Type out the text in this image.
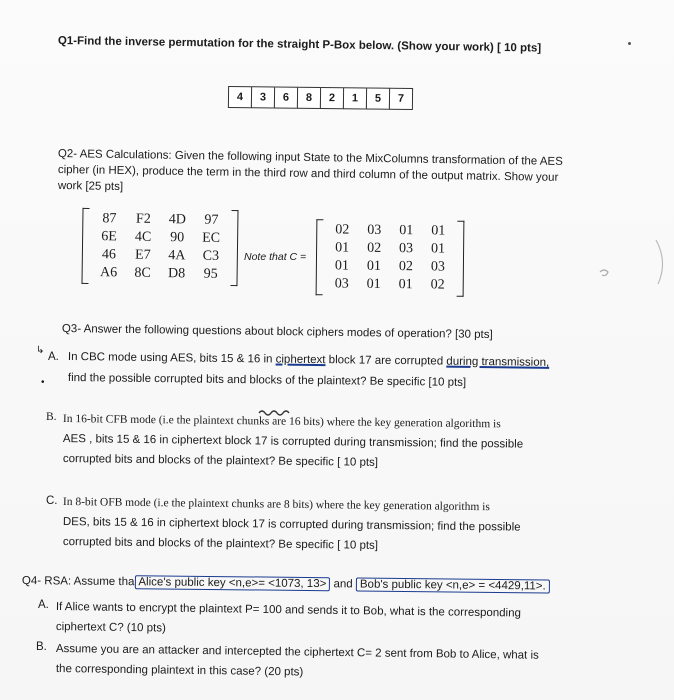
Q1-Find the inverse permutation for the straight P-Box below. (Show your work) [ 10 pts]
4	3	6	8	2	1	5	7
Q2- AES Calculations: Given the following input State to the MixColumns transformation of the AES
cipher (in HEX), produce the term in the third row and third column of the output matrix. Show your
work [25 pts]
87	F2	4D	97
6E	4C	90	EC
46	E7	4A	C3
A6	8C	D8	95
Note that C =
02	03	01	01
01	02	03	01
01	01	02	03
03	01	01	02
Q3- Answer the following questions about block ciphers modes of operation? [30 pts]
↳
•
A. In CBC mode using AES, bits 15 & 16 in ciphertext block 17 are corrupted during transmission,
find the possible corrupted bits and blocks of the plaintext? Be specific [10 pts]
B. In 16-bit CFB mode (i.e the plaintext chunks are 16 bits) where the key generation algorithm is
AES , bits 15 & 16 in ciphertext block 17 is corrupted during transmission; find the possible
corrupted bits and blocks of the plaintext? Be specific [ 10 pts]
C. In 8-bit OFB mode (i.e the plaintext chunks are 8 bits) where the key generation algorithm is
DES, bits 15 & 16 in ciphertext block 17 is corrupted during transmission; find the possible
corrupted bits and blocks of the plaintext? Be specific [ 10 pts]
Q4- RSA: Assume tha Alice's public key <n,e>= <1073, 13> and Bob's public key <n,e> = <4429,11>.
A. If Alice wants to encrypt the plaintext P= 100 and sends it to Bob, what is the corresponding
ciphertext C? (10 pts)
B. Assume you are an attacker and intercepted the ciphertext C= 2 sent from Bob to Alice, what is
the corresponding plaintext in this case? (20 pts)
